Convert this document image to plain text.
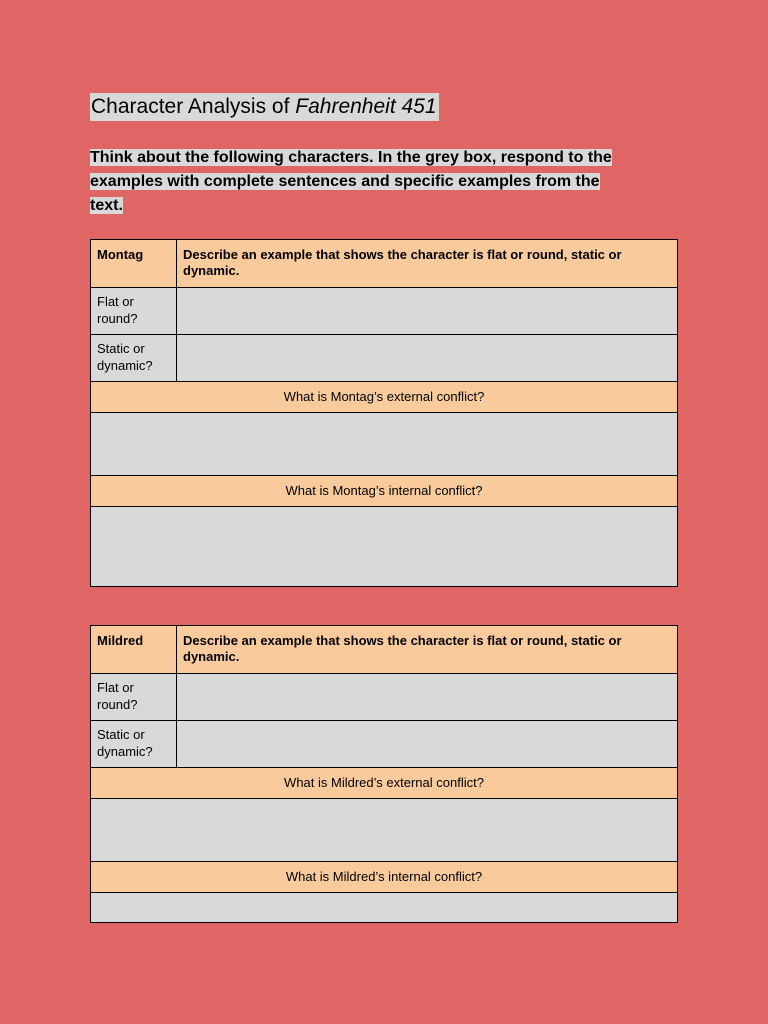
Character Analysis of Fahrenheit 451

Think about the following characters. In the grey box, respond to the
examples with complete sentences and specific examples from the
text.

Montag	Describe an example that shows the character is flat or round, static or dynamic.

Flat or round?	

Static or dynamic?	

What is Montag’s external conflict?	

What is Montag’s internal conflict?	

Mildred	Describe an example that shows the character is flat or round, static or dynamic.

Flat or round?	

Static or dynamic?	

What is Mildred’s external conflict?	

What is Mildred’s internal conflict?	
